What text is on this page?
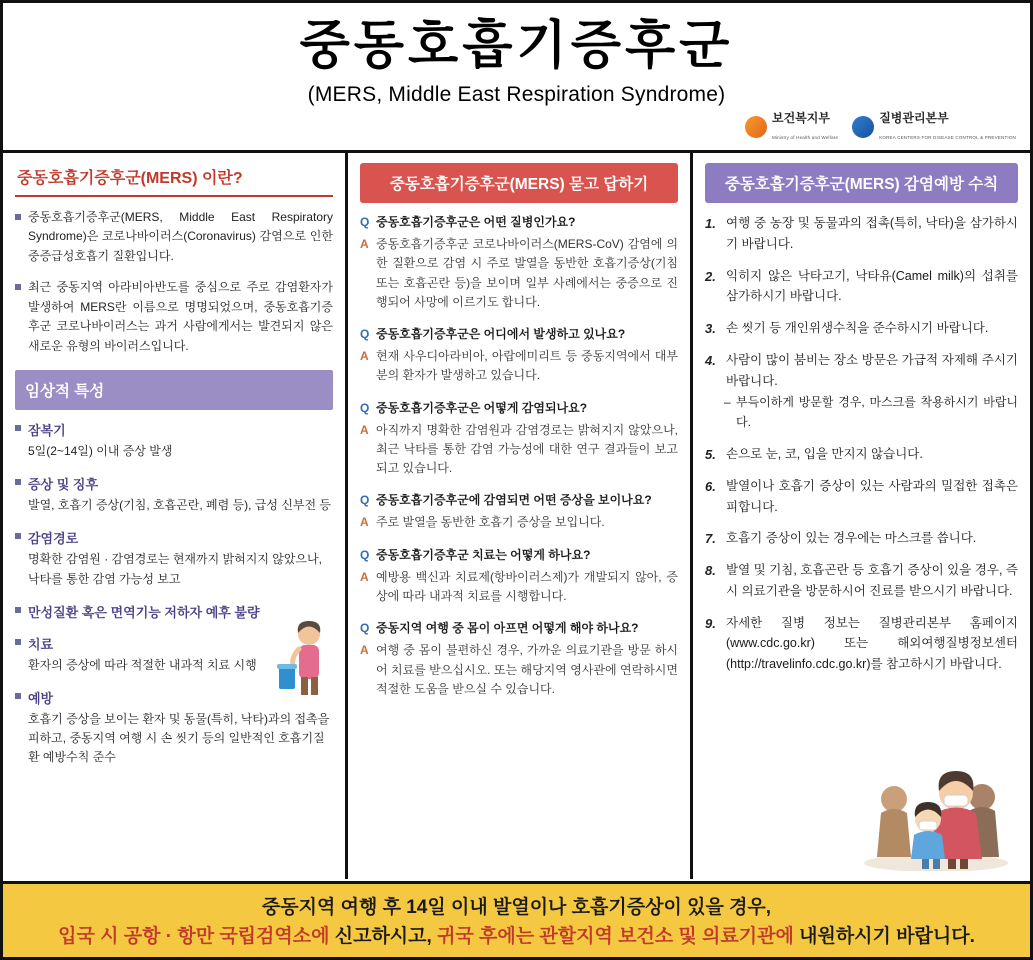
중동호흡기증후군
(MERS, Middle East Respiration Syndrome)
보건복지부
Ministry of Health and Welfare
질병관리본부
KOREA CENTERS FOR DISEASE CONTROL & PREVENTION
중동호흡기증후군(MERS) 이란?
중동호흡기증후군(MERS, Middle East Respiratory Syndrome)은 코로나바이러스(Coronavirus) 감염으로 인한 중증급성호흡기 질환입니다.
최근 중동지역 아라비아반도를 중심으로 주로 감염환자가 발생하여 MERS란 이름으로 명명되었으며, 중동호흡기증후군 코로나바이러스는 과거 사람에게서는 발견되지 않은 새로운 유형의 바이러스입니다.
임상적 특성
잠복기
5일(2~14일) 이내 증상 발생
증상 및 징후
발열, 호흡기 증상(기침, 호흡곤란, 폐렴 등), 급성 신부전 등
감염경로
명확한 감염원 · 감염경로는 현재까지 밝혀지지 않았으나, 낙타를 통한 감염 가능성 보고
만성질환 혹은 면역기능 저하자 예후 불량
치료
환자의 증상에 따라 적절한 내과적 치료 시행
예방
호흡기 증상을 보이는 환자 및 동물(특히, 낙타)과의 접촉을 피하고, 중동지역 여행 시 손 씻기 등의 일반적인 호흡기질환 예방수칙 준수
중동호흡기증후군(MERS) 묻고 답하기
Q 중동호흡기증후군은 어떤 질병인가요?
A 중동호흡기증후군 코로나바이러스(MERS-CoV) 감염에 의한 질환으로 감염 시 주로 발열을 동반한 호흡기증상(기침 또는 호흡곤란 등)을 보이며 일부 사례에서는 중증으로 진행되어 사망에 이르기도 합니다.
Q 중동호흡기증후군은 어디에서 발생하고 있나요?
A 현재 사우디아라비아, 아랍에미리트 등 중동지역에서 대부분의 환자가 발생하고 있습니다.
Q 중동호흡기증후군은 어떻게 감염되나요?
A 아직까지 명확한 감염원과 감염경로는 밝혀지지 않았으나, 최근 낙타를 통한 감염 가능성에 대한 연구 결과들이 보고되고 있습니다.
Q 중동호흡기증후군에 감염되면 어떤 증상을 보이나요?
A 주로 발열을 동반한 호흡기 증상을 보입니다.
Q 중동호흡기증후군 치료는 어떻게 하나요?
A 예방용 백신과 치료제(항바이러스제)가 개발되지 않아, 증상에 따라 내과적 치료를 시행합니다.
Q 중동지역 여행 중 몸이 아프면 어떻게 해야 하나요?
A 여행 중 몸이 불편하신 경우, 가까운 의료기관을 방문 하시어 치료를 받으십시오. 또는 해당지역 영사관에 연락하시면 적절한 도움을 받으실 수 있습니다.
중동호흡기증후군(MERS) 감염예방 수칙
여행 중 농장 및 동물과의 접촉(특히, 낙타)을 삼가하시기 바랍니다.
익히지 않은 낙타고기, 낙타유(Camel milk)의 섭취를 삼가하시기 바랍니다.
손 씻기 등 개인위생수칙을 준수하시기 바랍니다.
사람이 많이 붐비는 장소 방문은 가급적 자제해 주시기 바랍니다.
– 부득이하게 방문할 경우, 마스크를 착용하시기 바랍니다.
손으로 눈, 코, 입을 만지지 않습니다.
발열이나 호흡기 증상이 있는 사람과의 밀접한 접촉은 피합니다.
호흡기 증상이 있는 경우에는 마스크를 씁니다.
발열 및 기침, 호흡곤란 등 호흡기 증상이 있을 경우, 즉시 의료기관을 방문하시어 진료를 받으시기 바랍니다.
자세한 질병 정보는 질병관리본부 홈페이지(www.cdc.go.kr) 또는 해외여행질병정보센터(http://travelinfo.cdc.go.kr)를 참고하시기 바랍니다.
중동지역 여행 후 14일 이내 발열이나 호흡기증상이 있을 경우,
입국 시 공항 · 항만 국립검역소에 신고하시고, 귀국 후에는 관할지역 보건소 및 의료기관에 내원하시기 바랍니다.
